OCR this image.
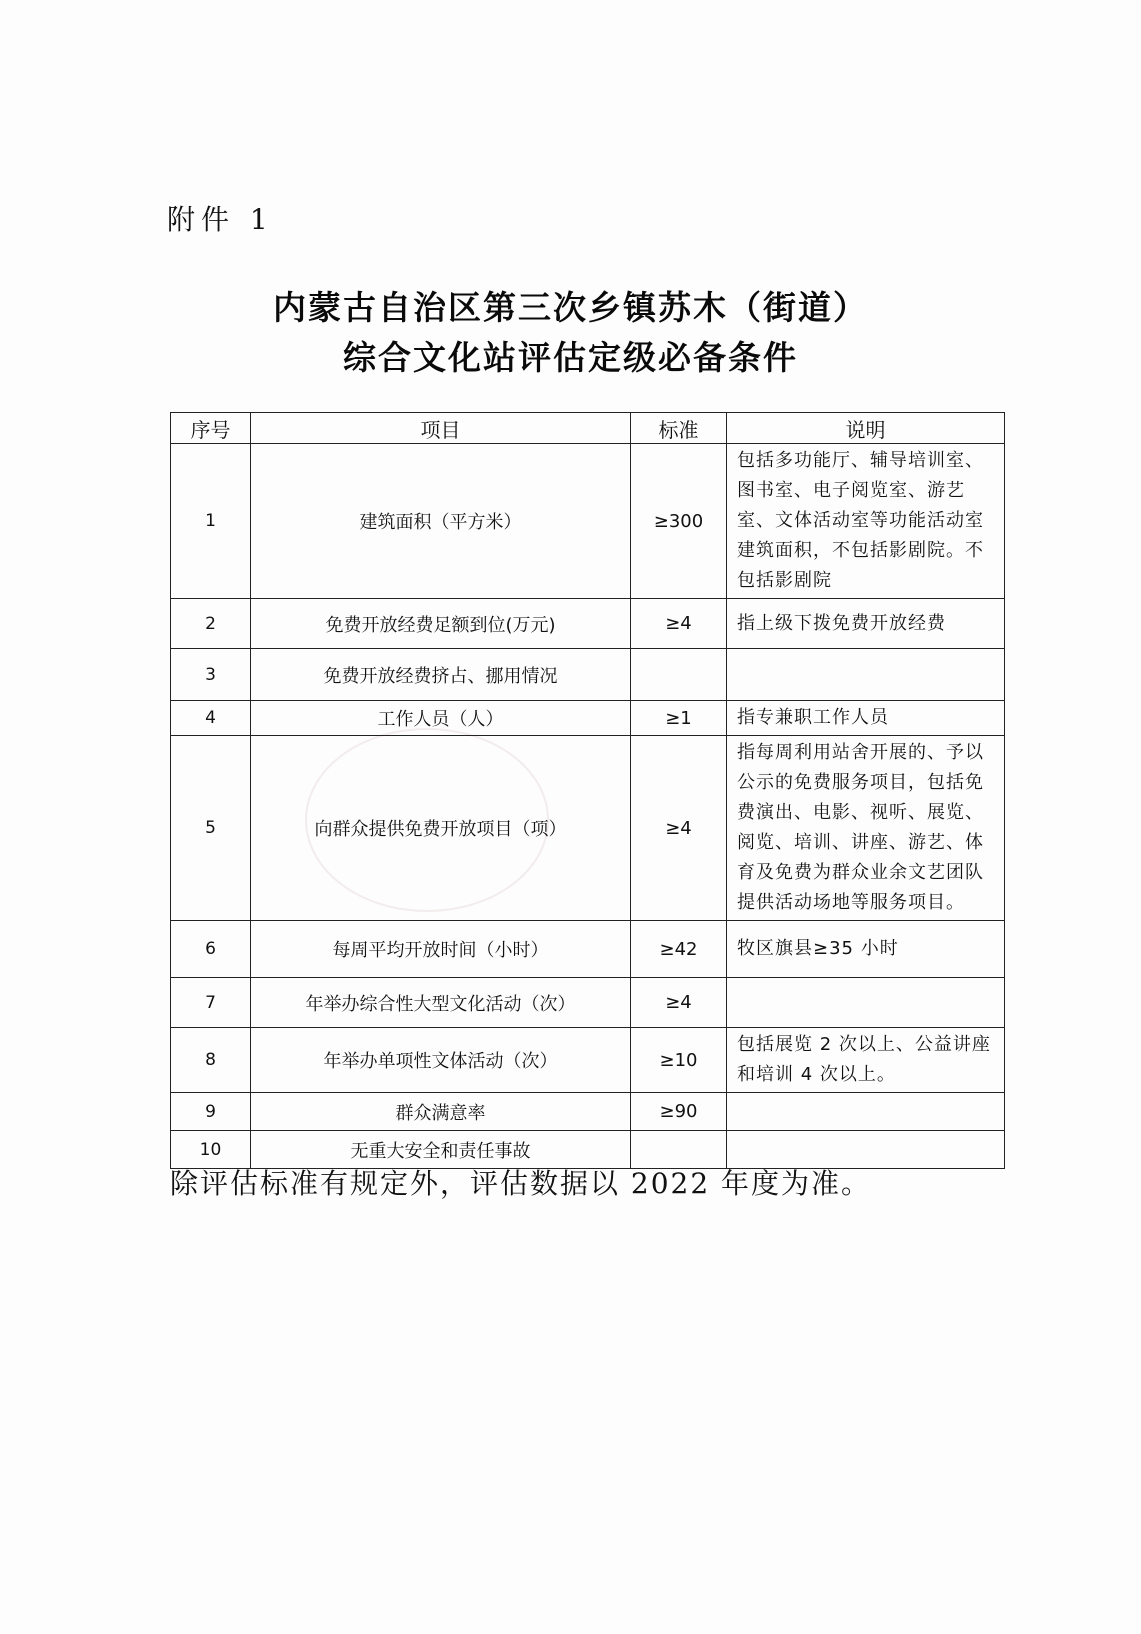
附件 1
内蒙古自治区第三次乡镇苏木（街道）
综合文化站评估定级必备条件
序号	项目	标准	说明
1	建筑面积（平方米）	≥300	包括多功能厅、辅导培训室、图书室、电子阅览室、游艺室、文体活动室等功能活动室建筑面积，不包括影剧院。不包括影剧院
2	免费开放经费足额到位(万元)	≥4	指上级下拨免费开放经费
3	免费开放经费挤占、挪用情况		
4	工作人员（人）	≥1	指专兼职工作人员
5	向群众提供免费开放项目（项）	≥4	指每周利用站舍开展的、予以公示的免费服务项目，包括免费演出、电影、视听、展览、阅览、培训、讲座、游艺、体育及免费为群众业余文艺团队提供活动场地等服务项目。
6	每周平均开放时间（小时）	≥42	牧区旗县≥35 小时
7	年举办综合性大型文化活动（次）	≥4	
8	年举办单项性文体活动（次）	≥10	包括展览 2 次以上、公益讲座和培训 4 次以上。
9	群众满意率	≥90	
10	无重大安全和责任事故		
除评估标准有规定外，评估数据以 2022 年度为准。
